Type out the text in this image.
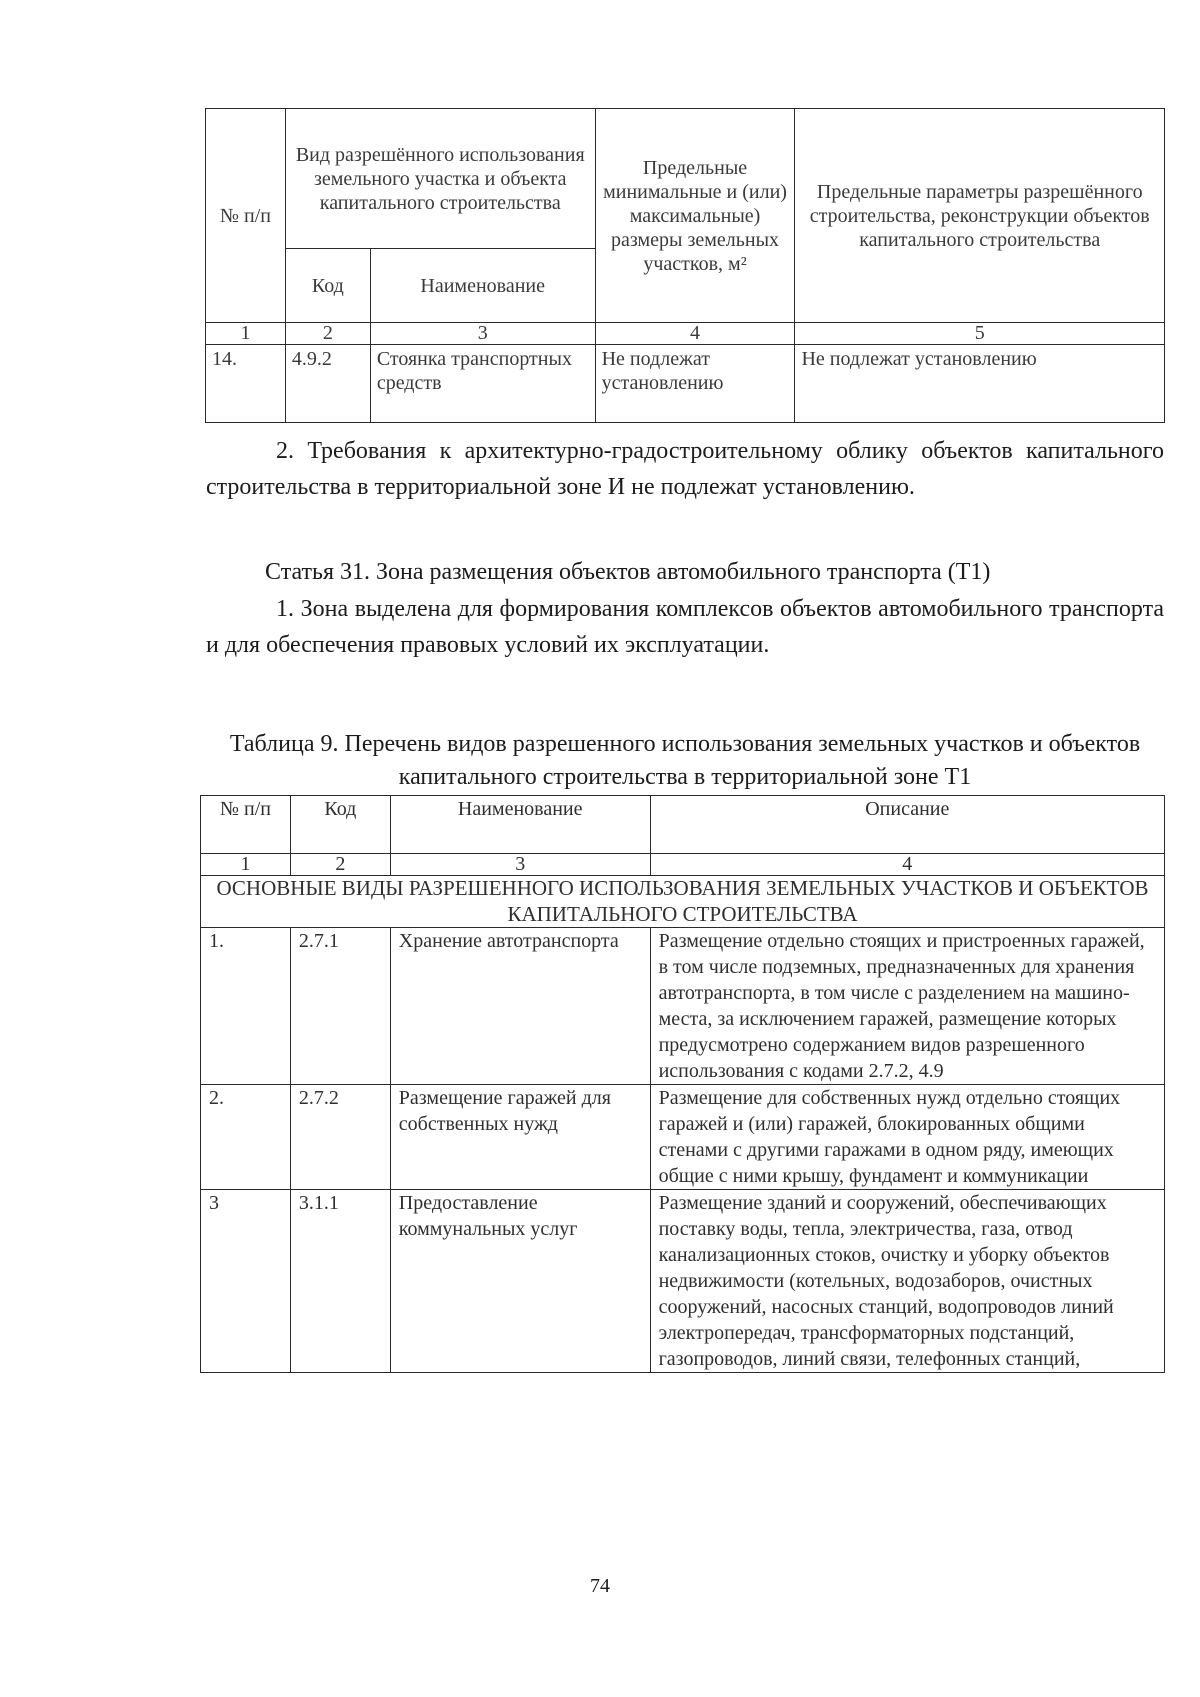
№ п/п	Вид разрешённого использования земельного участка и объекта капитального строительства		Предельные минимальные и (или) максимальные) размеры земельных участков, м²	Предельные параметры разрешённого строительства, реконструкции объектов капитального строительства
	Код	Наименование		
1	2	3	4	5
14.	4.9.2	Стоянка транспортных средств	Не подлежат установлению	Не подлежат установлению
2. Требования к архитектурно-градостроительному облику объектов капитального строительства в территориальной зоне И не подлежат установлению.
Статья 31. Зона размещения объектов автомобильного транспорта (Т1)
1. Зона выделена для формирования комплексов объектов автомобильного транспорта и для обеспечения правовых условий их эксплуатации.
Таблица 9. Перечень видов разрешенного использования земельных участков и объектов капитального строительства в территориальной зоне Т1
№ п/п	Код	Наименование	Описание
1	2	3	4
ОСНОВНЫЕ ВИДЫ РАЗРЕШЕННОГО ИСПОЛЬЗОВАНИЯ ЗЕМЕЛЬНЫХ УЧАСТКОВ И ОБЪЕКТОВ КАПИТАЛЬНОГО СТРОИТЕЛЬСТВА			
1.	2.7.1	Хранение автотранспорта	Размещение отдельно стоящих и пристроенных гаражей, в том числе подземных, предназначенных для хранения автотранспорта, в том числе с разделением на машино-места, за исключением гаражей, размещение которых предусмотрено содержанием видов разрешенного использования с кодами 2.7.2, 4.9
2.	2.7.2	Размещение гаражей для собственных нужд	Размещение для собственных нужд отдельно стоящих гаражей и (или) гаражей, блокированных общими стенами с другими гаражами в одном ряду, имеющих общие с ними крышу, фундамент и коммуникации
3	3.1.1	Предоставление коммунальных услуг	Размещение зданий и сооружений, обеспечивающих поставку воды, тепла, электричества, газа, отвод канализационных стоков, очистку и уборку объектов недвижимости (котельных, водозаборов, очистных сооружений, насосных станций, водопроводов линий электропередач, трансформаторных подстанций, газопроводов, линий связи, телефонных станций,
74
